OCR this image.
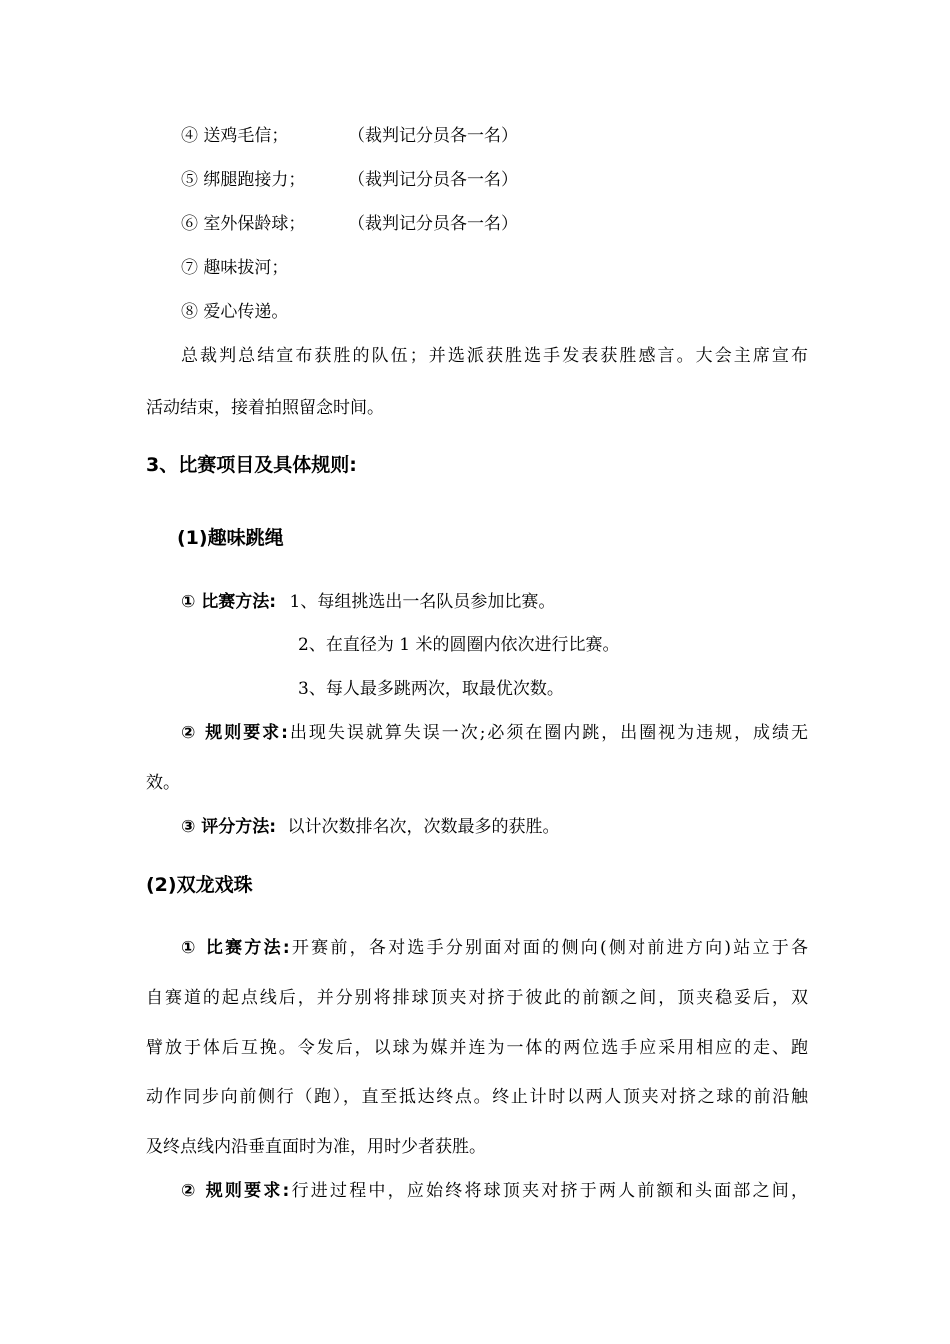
④ 送鸡毛信；	（裁判记分员各一名）
⑤ 绑腿跑接力；	（裁判记分员各一名）
⑥ 室外保龄球；	（裁判记分员各一名）
⑦ 趣味拔河；
⑧ 爱心传递。
总裁判总结宣布获胜的队伍；并选派获胜选手发表获胜感言。大会主席宣布
活动结束，接着拍照留念时间。
3、比赛项目及具体规则:
(1)趣味跳绳
① 比赛方法: 1、每组挑选出一名队员参加比赛。
2、在直径为 1 米的圆圈内依次进行比赛。
3、每人最多跳两次，取最优次数。
② 规则要求:出现失误就算失误一次;必须在圈内跳，出圈视为违规，成绩无
效。
③ 评分方法: 以计次数排名次，次数最多的获胜。
(2)双龙戏珠
① 比赛方法:开赛前，各对选手分别面对面的侧向(侧对前进方向)站立于各
自赛道的起点线后，并分别将排球顶夹对挤于彼此的前额之间，顶夹稳妥后，双
臂放于体后互挽。令发后，以球为媒并连为一体的两位选手应采用相应的走、跑
动作同步向前侧行（跑），直至抵达终点。终止计时以两人顶夹对挤之球的前沿触
及终点线内沿垂直面时为准，用时少者获胜。
② 规则要求:行进过程中，应始终将球顶夹对挤于两人前额和头面部之间，
